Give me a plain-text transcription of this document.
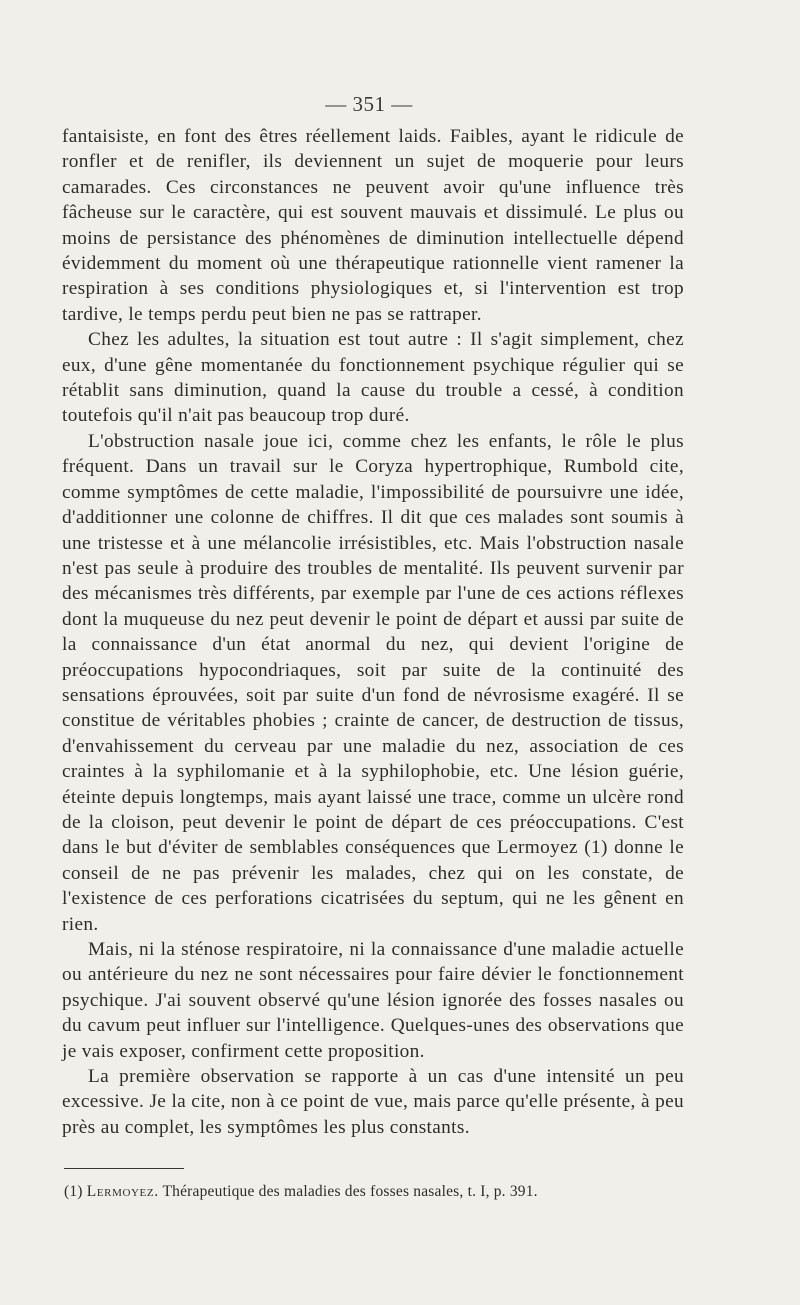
— 351 —

fantaisiste, en font des êtres réellement laids. Faibles, ayant le ridicule de ronfler et de renifler, ils deviennent un sujet de moquerie pour leurs camarades. Ces circonstances ne peuvent avoir qu'une influence très fâcheuse sur le caractère, qui est souvent mauvais et dissimulé. Le plus ou moins de persistance des phénomènes de diminution intellectuelle dépend évidemment du moment où une thérapeutique rationnelle vient ramener la respiration à ses conditions physiologiques et, si l'intervention est trop tardive, le temps perdu peut bien ne pas se rattraper.

Chez les adultes, la situation est tout autre : Il s'agit simplement, chez eux, d'une gêne momentanée du fonctionnement psychique régulier qui se rétablit sans diminution, quand la cause du trouble a cessé, à condition toutefois qu'il n'ait pas beaucoup trop duré.

L'obstruction nasale joue ici, comme chez les enfants, le rôle le plus fréquent. Dans un travail sur le Coryza hypertrophique, Rumbold cite, comme symptômes de cette maladie, l'impossibilité de poursuivre une idée, d'additionner une colonne de chiffres. Il dit que ces malades sont soumis à une tristesse et à une mélancolie irrésistibles, etc. Mais l'obstruction nasale n'est pas seule à produire des troubles de mentalité. Ils peuvent survenir par des mécanismes très différents, par exemple par l'une de ces actions réflexes dont la muqueuse du nez peut devenir le point de départ et aussi par suite de la connaissance d'un état anormal du nez, qui devient l'origine de préoccupations hypocondriaques, soit par suite de la continuité des sensations éprouvées, soit par suite d'un fond de névrosisme exagéré. Il se constitue de véritables phobies ; crainte de cancer, de destruction de tissus, d'envahissement du cerveau par une maladie du nez, association de ces craintes à la syphilomanie et à la syphilophobie, etc. Une lésion guérie, éteinte depuis longtemps, mais ayant laissé une trace, comme un ulcère rond de la cloison, peut devenir le point de départ de ces préoccupations. C'est dans le but d'éviter de semblables conséquences que Lermoyez (1) donne le conseil de ne pas prévenir les malades, chez qui on les constate, de l'existence de ces perforations cicatrisées du septum, qui ne les gênent en rien.

Mais, ni la sténose respiratoire, ni la connaissance d'une maladie actuelle ou antérieure du nez ne sont nécessaires pour faire dévier le fonctionnement psychique. J'ai souvent observé qu'une lésion ignorée des fosses nasales ou du cavum peut influer sur l'intelligence. Quelques-unes des observations que je vais exposer, confirment cette proposition.

La première observation se rapporte à un cas d'une intensité un peu excessive. Je la cite, non à ce point de vue, mais parce qu'elle présente, à peu près au complet, les symptômes les plus constants.

(1) Lermoyez. Thérapeutique des maladies des fosses nasales, t. I, p. 391.
